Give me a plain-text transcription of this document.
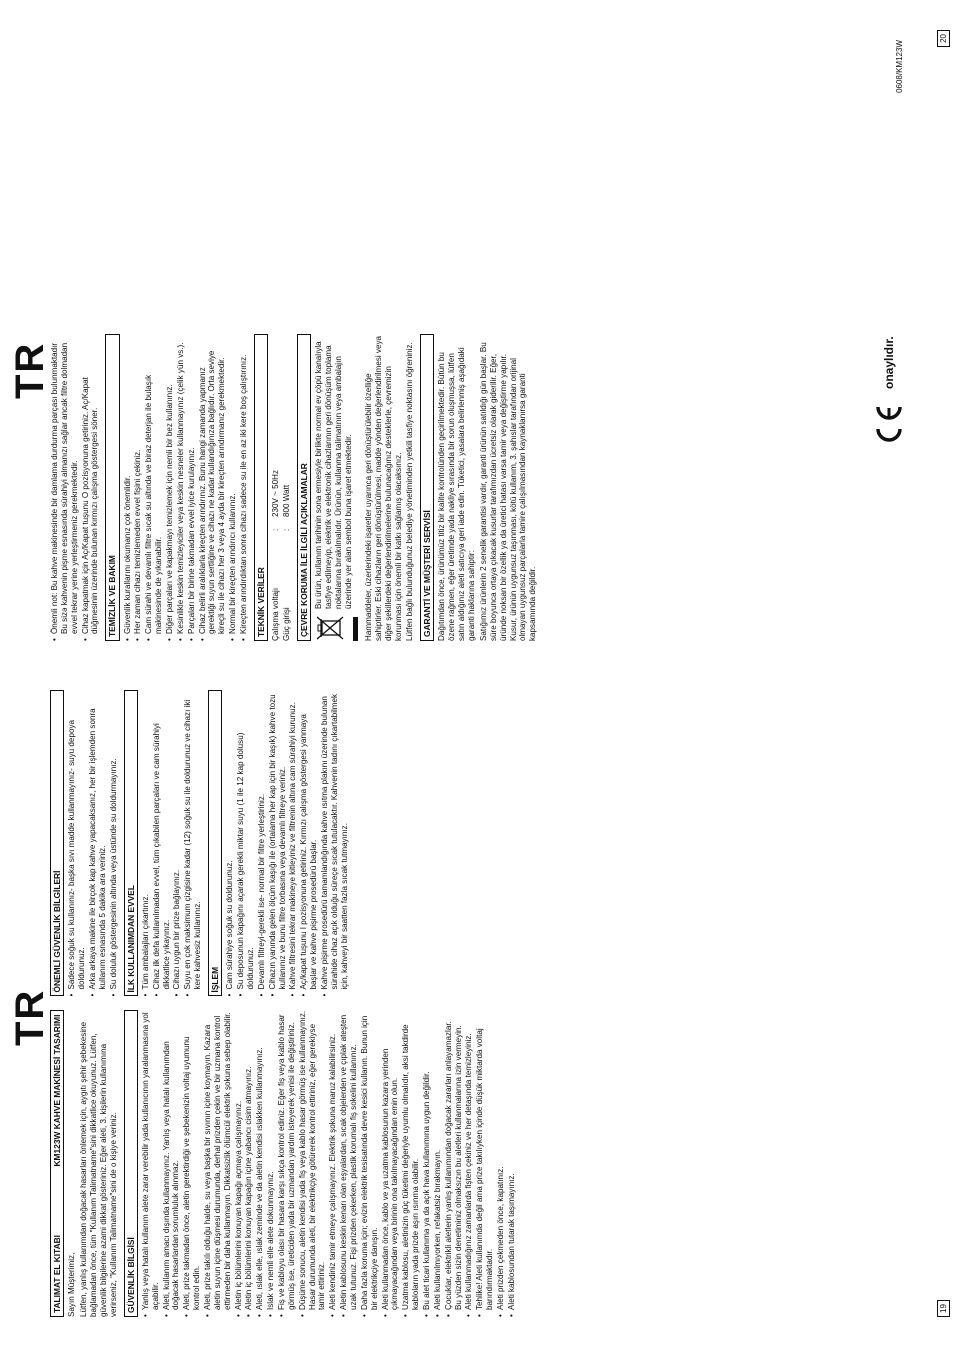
TR
TALIMAT EL KITABI
KM123W KAHVE MAKİNESİ TASARIMI

Sayın Müşterimiz, Lütfen, yanlış kullanımdan doğacak hasarları önlemek için, aygıtı şehir şebekesine bağlamadan önce, tüm "Kullanım Talimatname"sini dikkatlice okuyunuz. Lütfen, güvenlik bilgilerine azami dikkat gösteriniz. Eğer aleti, 3. kişilerin kullanımına verirseniz, "Kullanım Talimatname"sini de o kişiye veriniz. GÜVENLİK BİLGİSİ • Yanlış veya hatalı kullanım alete zarar verebilir yada kullanıcının yaralanmasına yol açabilir. • Aleti, kullanım amacı dışında kullanmayınız. Yanlış veya hatalı kullanımdan doğacak hasarlardan sorumluluk alınmaz. • Aleti, prize takmadan önce, aletin gerektirdiği ve şebekenizin voltaj uyumunu kontrol edin. • Aleti, prize takılı olduğu halde, su veya başka bir sıvının içine koymayın. Kazara aletin suyun içine düşmesi durumunda, derhal prizden çekin ve bir uzmana kontrol ettirmeden bir daha kullanmayın. Dikkatsizlik ölümcül elektrik şokuna sebep olabilir. • Aletin iç bölümlerini konuyan kapağı açmaya çalışmayınız. • Aletin iç bölümlerini konuyan kapağın içine yabancı cisim atmayınız. • Aleti, ıslak elle, ıslak zeminde ve da aletin kendisi ıslakken kullanmayınız. • Islak ve nemli elle alete dokunmayınız. • Fiş ve kabloyu olası bir hasara karşı sıkça kontrol ediniz. Eğer fiş veya kablo hasar görmüş ise, üreticiden yada bir uzmandan yardım isteyerek yenisi ile değiştiriniz. • Düşüme sonucu, aletin kendisi yada fiş veya kablo hasar görmüş ise kullanmayınız. Hasar durumunda aleti, bir elektrikçiye götürerek kontrol ettiriniz, eğer gerekiyse tamir ettiriniz. • Aleti kendiniz tamir etmeye çalışmayınız. Elektrik şokuna maruz kalabilirsiniz. • Aletin kablosunu keskin kenarı olan eşyalardan, sıcak objelerden ve çıplak ateşten uzak tutunuz. Fişi prizden çekerken, plastik korumalı fiş sokelini kullanınız. • Daha fazla koruma için; evizin elektrik tesisatında devre kesici kullanın. Bunun için bir elektrikçiye danışın. • Aleti kullanmadan önce, kablo ve ya uzatma kablosunun kazara yerinden çıkmayacağından veya birinin ona takılmayacağından emin olun. • Uzatma kablosu, aletinizin güç tüketimi değeriyle uyumlu olmalıdır, aksi takdirde kabloların yada prizde aşırı ısınma olabilir. • Bu alet ticari kullanıma ya da açık hava kullanımına uygun değildir. • Aleti kullanılmıyorken, refakatsiz bırakmayın. • Çocuklar, elektrikli aletlerin yanlış kullanımından doğacak zararları anlayamazlar. Bu yüzden sizin denetiminiz olmaksızın bu aletleri kullanmalarına izin vermeyin. • Aleti kullanmadığınız zamanlarda fişten çekiniz ve her detaşında temizleyiniz. • Tehlike! Aleti kullanımda değil ama prize takılıyken içinde düşük miktarda voltaj barındırmaktadır. • Aleti prizden çekmeden önce, kapatınız. • Aleti kablosundan tutarak taşımayınız.
ÖNEMLİ GÜVENLİK BİLGİLERİ • Sadece soğuk su kullanınız- başka sıvı madde kullanmayınız- suyu depoya doldurunuz. • Arka arkaya makine ile birçok kap kahve yapacaksanız, her bir işlemden sonra kullanım esnasında 5 dakika ara veriniz. • Su doluluk göstergesinin altında veya üstünde su doldurmayınız. İLK KULLANIMDAN EVVEL • Tüm ambalajları çıkartınız. • Cihaz ilk defa kullanılmadan evvel, tüm çıkabilen parçaları ve cam sürahiyi dikkatlice yıkayınız. • Cihazı uygun bir prize bağlayınız. • Suyu en çok maksimum çizgisine kadar (12) soğuk su ile doldurunuz ve cihazı iki kere kahvesiz kullanınız. İŞLEM • Cam sürahiye soğuk su doldurunuz. • Su deposunun kapağını açarak gerekli miktar suyu (1 ile 12 kap dolusu) doldurunuz. • Devamlı filtreyi-gerekli ise- normal bir filtre yerleştiriniz. • Cihazın yanında gelen ölçüm kaşığı ile (ortalama her kap için bir kaşık) kahve tozu kullanınız ve bunu filtre torbasına veya devamlı filtreye veriniz. • Kahve filtresini tekrar makineye kitleyiniz ve filtrenin altına cam sürahiyi kurunuz. • Aç/kapat tuşunu I pozisyonuna getiriniz. Kırmızı çalışma göstergesi yanmaya başlar ve kahve pişirme prosedürü başlar. • Kahve pişirme prosedürü tamamlandığında kahve ısıtma plakını üzerinde bulunan sürahide cihaz açık olduğu süreçe sıcak tutulacaktır. Kahvenin tadını çıkartabilmek için, kahveyi bir saatten fazla sıcak tutmayınız.
19
TR
• Önemli not: Bu kahve makinesinde bir damlama durdurma parçası bulunmaktadır Bu sizə kahvenin pişme esnasında sürahiyi almanızı sağlar ancak filtre dolmadan evvel tekrar yerine yerleştirmeniz gerekmektedir. • Cihaz kapatmak için Aç/Kapat tuşunu O pozisyonuna getiriniz. Aç/Kapat düğmesinin üzerinde bulunan kırmızı çalışma göstergesi söner. TEMİZLİK VE BAKIM • Güvenlik kurallarını okumanız çok önemlidir. • Her zaman cihazı temizlemeden evvel fişini çekiniz. • Cam sürahi ve devamlı filtre sıcak su altında ve biraz deterjan ile bulaşık makinesinde de yıkanabilir. • Diğer parçaları ve kapakmayı temizlemek için nemli bir bez kullanınız. • Kesinlikle keskin temizleyiciler veya keskin nesneler kullanmayınız (çelik yün vs.). • Parçaları bir birine takmadan evvel iyice kurulayınız. • Cihaz belirli aralıklarla kireçten arındırınız. Bunu hangi zamanda yapmanız gerektiği suyun sertliğine ve cihazı ne kadar kullandığınıza bağlıdır. Orta seviye kireçli su ile cihazı her 3 veya 4 ayda bir kireçten arındırmanız gerekmektedir. • Normal bir kireçten arındırıcı kullanınız. • Kireçten arındırdıktan sonra cihazı sadece su ile en az iki kere boş çalıştırınız. TEKNİK VERİLER Çalışma voltajı
:
230V ~ 50Hz
Güç girişi
:
800 Watt ÇEVRE KORUMA İLE İLGİLİ AÇIKLAMALAR Bu ürün, kullanım tarihinin sona ermesiyle birlikte normal ev çöpü kanalıyla tasfiye edilmeyip, elektrik ve elektronik cihazlarının geri dönüşüm toplama noktalarına bırakılmalıdır. Ürünün, kullanma talimatının veya ambalajın üzerinde yer alan sembol buna işaret etmektedir.	Hammaddeler, üzerlerindeki işaretler uyarınca geri dönüştürülebilir özelliğe sahiptirler. Eski cihazların geri dönüştürülmesi, madde yönden değerlendirilmesi veya diğer şekillerdeki değerlendirilmelerine bulunacağınız desteklerle, çevremizin korunması için önemli bir katkı sağlamış olacaksınız. Lütfen bağlı bulunduğunuz belediye yönetiminden yetkili tasfiye noktasını öğreniniz. GARANTİ VE MÜŞTERİ SERVİSİ Dağıtımdan önce, ürünümüz titiz bir kalite kontrolünden geçirilmektedir. Bütün bu özene rağmen, eğer üretimde yada nakliye sırasında bir sorun oluşmuşsa, lütfen satın aldığınız aleti satıcıya geri iade edin. Tüketici, yasalara belirlenmiş aşağıdaki garanti haklarına sahiptir: Satığımız ürünlerin 2 senelik garantisi vardır, garanti ürünün satıldığı gün başlar. Bu süre boyunca ortaya çıkacak kusurlar tarafımızdan ücretsiz olarak giderilir. Eğer, üründe noksan bir özellik ya da üretici hatası varsa tamir veya değiştirme yapılır. Kusur, ürünün uygunsuz taşınması, kötü kullanım, 3. şahıslar tarafından orijinal olmayan uygunsuz parçalarla tamire çalışılmasından kaynaklanırsa garanti kapsamında değildir.

onaylıdır.
0608/KM123W
20
